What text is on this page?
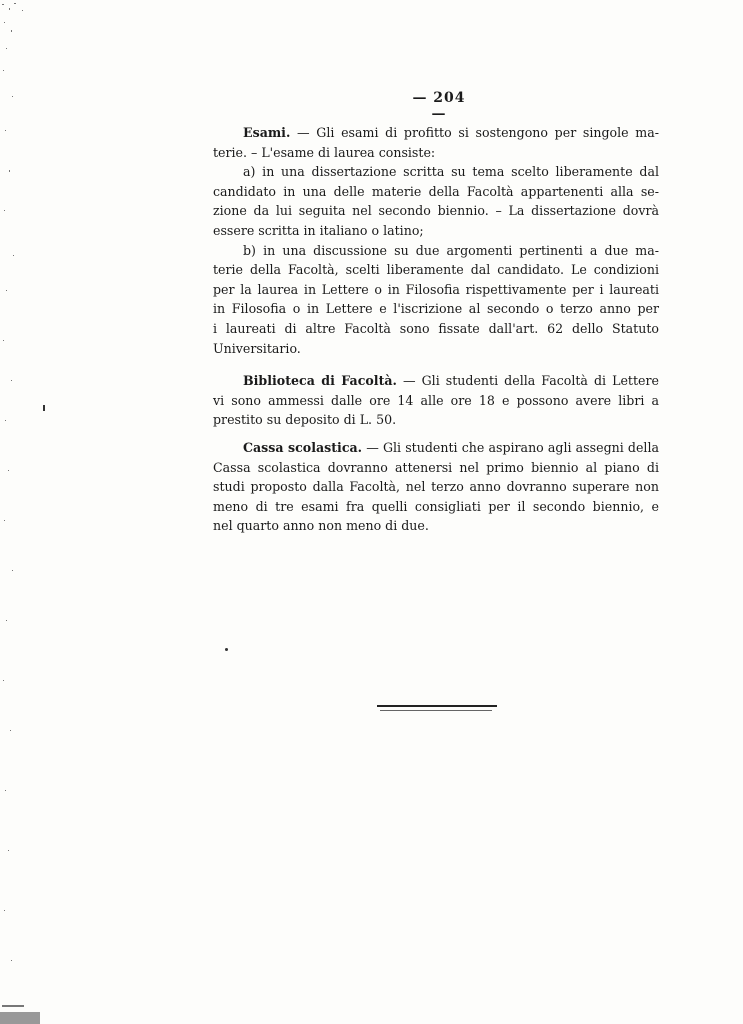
— 204 —
Esami. — Gli esami di profitto si sostengono per singole ma-
terie. – L'esame di laurea consiste:
a) in una dissertazione scritta su tema scelto liberamente dal
candidato in una delle materie della Facoltà appartenenti alla se-
zione da lui seguita nel secondo biennio. – La dissertazione dovrà
essere scritta in italiano o latino;
b) in una discussione su due argomenti pertinenti a due ma-
terie della Facoltà, scelti liberamente dal candidato. Le condizioni
per la laurea in Lettere o in Filosofia rispettivamente per i laureati
in Filosofia o in Lettere e l'iscrizione al secondo o terzo anno per
i laureati di altre Facoltà sono fissate dall'art. 62 dello Statuto
Universitario.
Biblioteca di Facoltà. — Gli studenti della Facoltà di Lettere
vi sono ammessi dalle ore 14 alle ore 18 e possono avere libri a
prestito su deposito di L. 50.
Cassa scolastica. — Gli studenti che aspirano agli assegni della
Cassa scolastica dovranno attenersi nel primo biennio al piano di
studi proposto dalla Facoltà, nel terzo anno dovranno superare non
meno di tre esami fra quelli consigliati per il secondo biennio, e
nel quarto anno non meno di due.
